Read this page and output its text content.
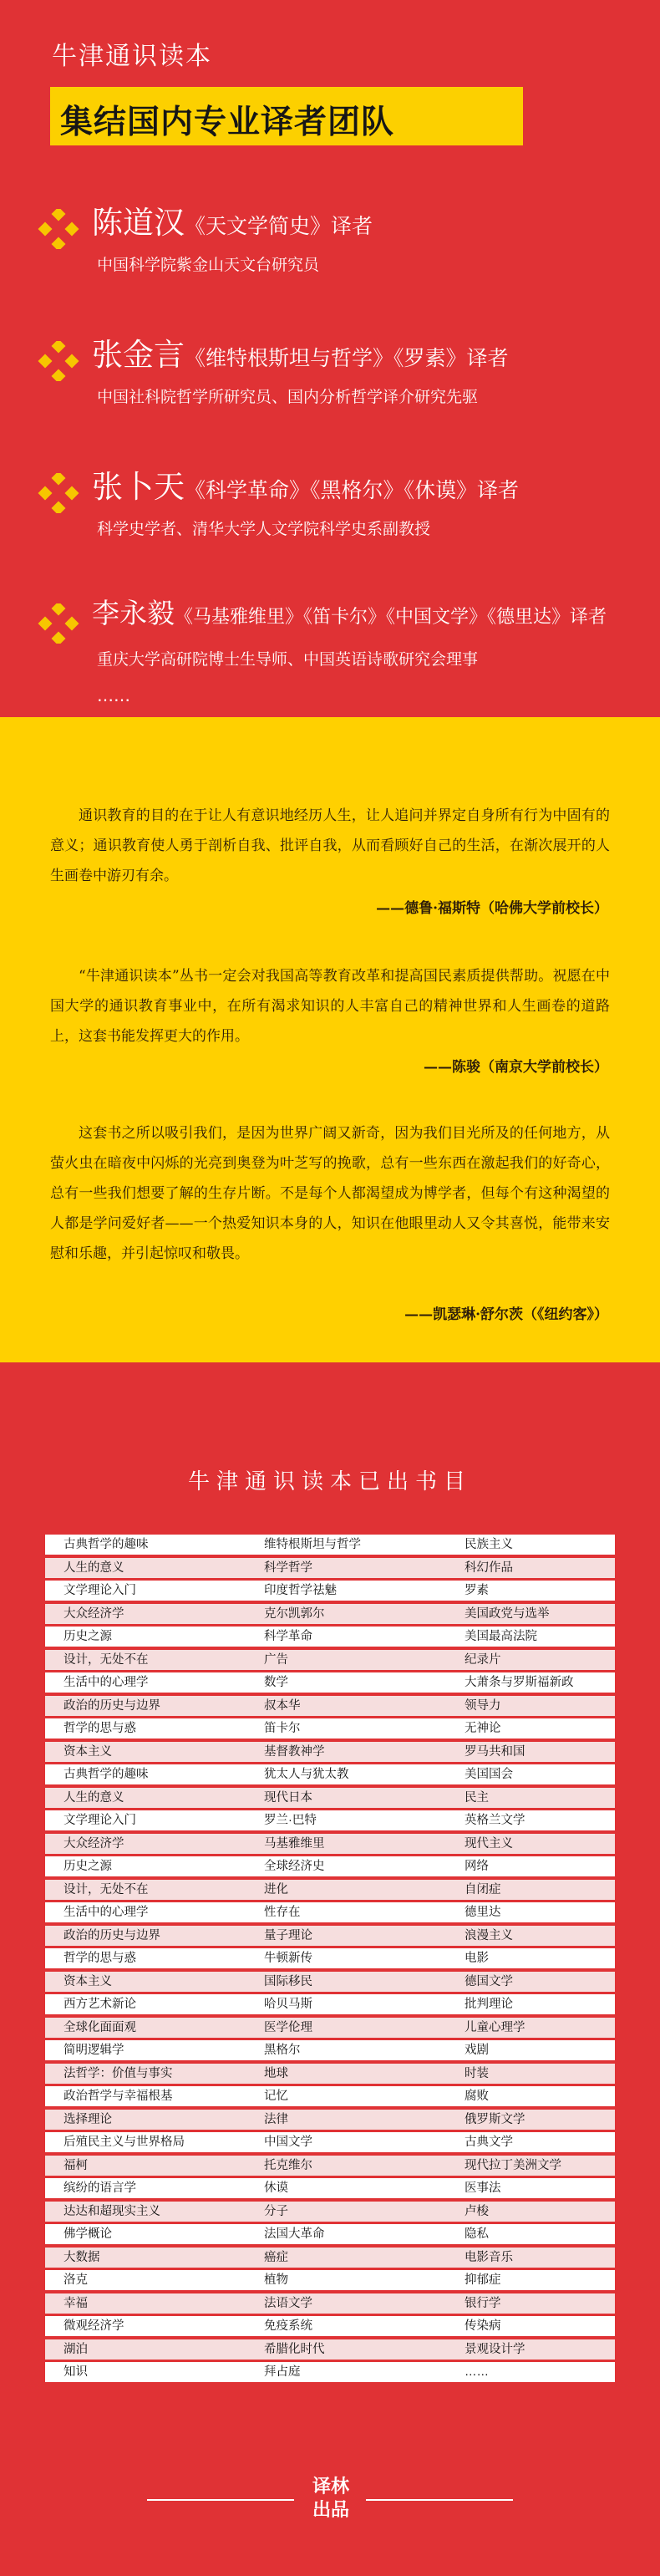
牛津通识读本
集结国内专业译者团队
陈道汉《天文学简史》译者
中国科学院紫金山天文台研究员
张金言《维特根斯坦与哲学》《罗素》译者
中国社科院哲学所研究员、国内分析哲学译介研究先驱
张卜天《科学革命》《黑格尔》《休谟》译者
科学史学者、清华大学人文学院科学史系副教授
李永毅《马基雅维里》《笛卡尔》《中国文学》《德里达》译者
重庆大学高研院博士生导师、中国英语诗歌研究会理事
……

通识教育的目的在于让人有意识地经历人生，让人追问并界定自身所有行为中固有的意义；通识教育使人勇于剖析自我、批评自我，从而看顾好自己的生活，在渐次展开的人生画卷中游刃有余。

——德鲁·福斯特（哈佛大学前校长）

“牛津通识读本”丛书一定会对我国高等教育改革和提高国民素质提供帮助。祝愿在中国大学的通识教育事业中，在所有渴求知识的人丰富自己的精神世界和人生画卷的道路上，这套书能发挥更大的作用。

——陈骏（南京大学前校长）

这套书之所以吸引我们，是因为世界广阔又新奇，因为我们目光所及的任何地方，从萤火虫在暗夜中闪烁的光亮到奥登为叶芝写的挽歌，总有一些东西在激起我们的好奇心，总有一些我们想要了解的生存片断。不是每个人都渴望成为博学者，但每个有这种渴望的人都是学问爱好者——一个热爱知识本身的人，知识在他眼里动人又令其喜悦，能带来安慰和乐趣，并引起惊叹和敬畏。

——凯瑟琳·舒尔茨（《纽约客》）
牛津通识读本已出书目
古典哲学的趣味	维特根斯坦与哲学	民族主义
人生的意义	科学哲学	科幻作品
文学理论入门	印度哲学祛魅	罗素
大众经济学	克尔凯郭尔	美国政党与选举
历史之源	科学革命	美国最高法院
设计，无处不在	广告	纪录片
生活中的心理学	数学	大萧条与罗斯福新政
政治的历史与边界	叔本华	领导力
哲学的思与惑	笛卡尔	无神论
资本主义	基督教神学	罗马共和国
古典哲学的趣味	犹太人与犹太教	美国国会
人生的意义	现代日本	民主
文学理论入门	罗兰·巴特	英格兰文学
大众经济学	马基雅维里	现代主义
历史之源	全球经济史	网络
设计，无处不在	进化	自闭症
生活中的心理学	性存在	德里达
政治的历史与边界	量子理论	浪漫主义
哲学的思与惑	牛顿新传	电影
资本主义	国际移民	德国文学
西方艺术新论	哈贝马斯	批判理论
全球化面面观	医学伦理	儿童心理学
简明逻辑学	黑格尔	戏剧
法哲学：价值与事实	地球	时装
政治哲学与幸福根基	记忆	腐败
选择理论	法律	俄罗斯文学
后殖民主义与世界格局	中国文学	古典文学
福柯	托克维尔	现代拉丁美洲文学
缤纷的语言学	休谟	医事法
达达和超现实主义	分子	卢梭
佛学概论	法国大革命	隐私
大数据	癌症	电影音乐
洛克	植物	抑郁症
幸福	法语文学	银行学
微观经济学	免疫系统	传染病
湖泊	希腊化时代	景观设计学
知识	拜占庭	……
译林
出品
